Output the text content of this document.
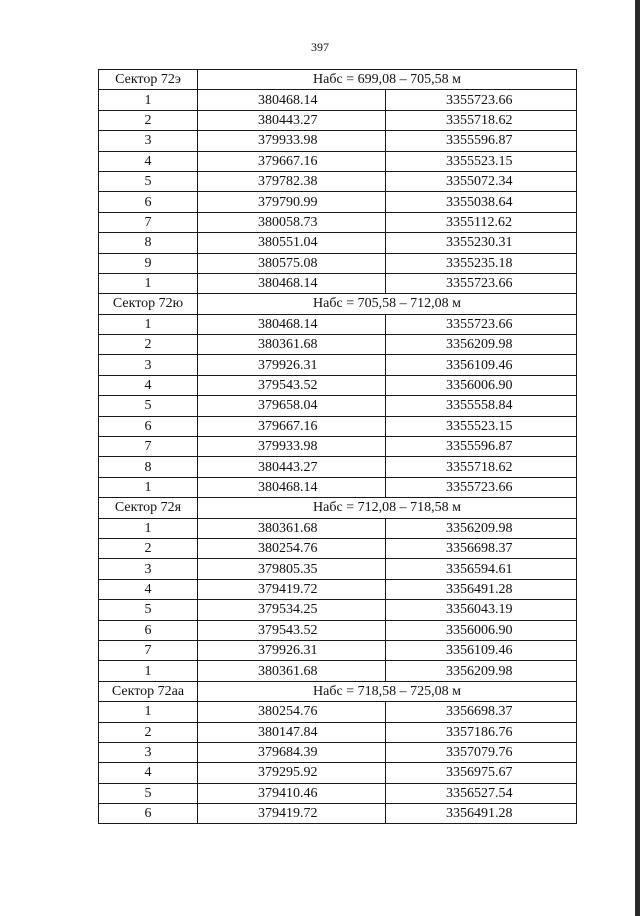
397
Сектор 72э	Набс = 699,08 – 705,58 м	
1	380468.14	3355723.66
2	380443.27	3355718.62
3	379933.98	3355596.87
4	379667.16	3355523.15
5	379782.38	3355072.34
6	379790.99	3355038.64
7	380058.73	3355112.62
8	380551.04	3355230.31
9	380575.08	3355235.18
1	380468.14	3355723.66
Сектор 72ю	Набс = 705,58 – 712,08 м	
1	380468.14	3355723.66
2	380361.68	3356209.98
3	379926.31	3356109.46
4	379543.52	3356006.90
5	379658.04	3355558.84
6	379667.16	3355523.15
7	379933.98	3355596.87
8	380443.27	3355718.62
1	380468.14	3355723.66
Сектор 72я	Набс = 712,08 – 718,58 м	
1	380361.68	3356209.98
2	380254.76	3356698.37
3	379805.35	3356594.61
4	379419.72	3356491.28
5	379534.25	3356043.19
6	379543.52	3356006.90
7	379926.31	3356109.46
1	380361.68	3356209.98
Сектор 72аа	Набс = 718,58 – 725,08 м	
1	380254.76	3356698.37
2	380147.84	3357186.76
3	379684.39	3357079.76
4	379295.92	3356975.67
5	379410.46	3356527.54
6	379419.72	3356491.28
